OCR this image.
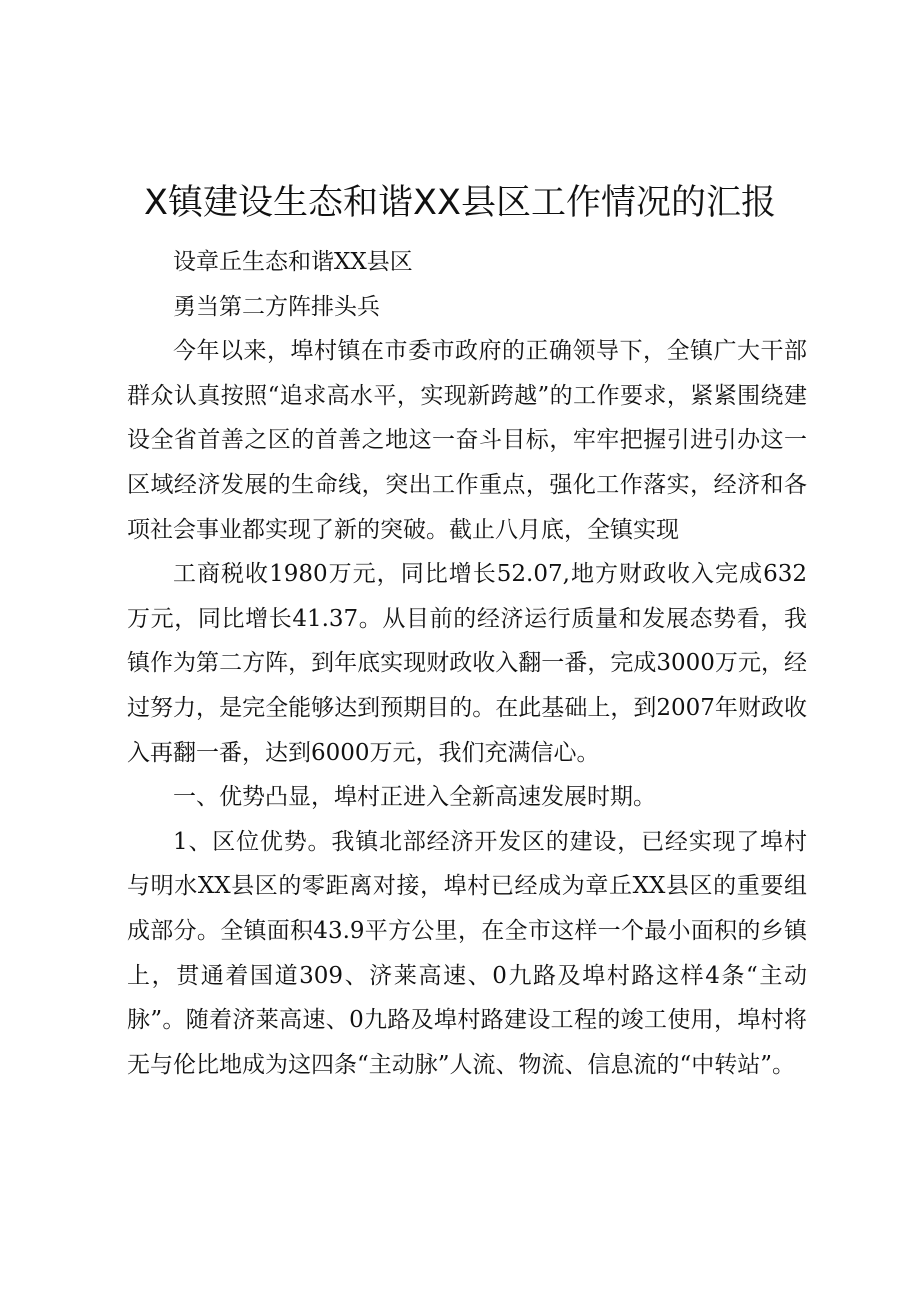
X镇建设生态和谐XX县区工作情况的汇报

设章丘生态和谐XX县区

勇当第二方阵排头兵

今年以来，埠村镇在市委市政府的正确领导下，全镇广大干部群众认真按照“追求高水平，实现新跨越”的工作要求，紧紧围绕建设全省首善之区的首善之地这一奋斗目标，牢牢把握引进引办这一区域经济发展的生命线，突出工作重点，强化工作落实，经济和各项社会事业都实现了新的突破。截止八月底，全镇实现

工商税收1980万元，同比增长52.07,地方财政收入完成632万元，同比增长41.37。从目前的经济运行质量和发展态势看，我镇作为第二方阵，到年底实现财政收入翻一番，完成3000万元，经过努力，是完全能够达到预期目的。在此基础上，到2007年财政收入再翻一番，达到6000万元，我们充满信心。

一、优势凸显，埠村正进入全新高速发展时期。

1、区位优势。我镇北部经济开发区的建设，已经实现了埠村与明水XX县区的零距离对接，埠村已经成为章丘XX县区的重要组成部分。全镇面积43.9平方公里，在全市这样一个最小面积的乡镇上，贯通着国道309、济莱高速、0九路及埠村路这样4条“主动脉”。随着济莱高速、0九路及埠村路建设工程的竣工使用，埠村将无与伦比地成为这四条“主动脉”人流、物流、信息流的“中转站”。
